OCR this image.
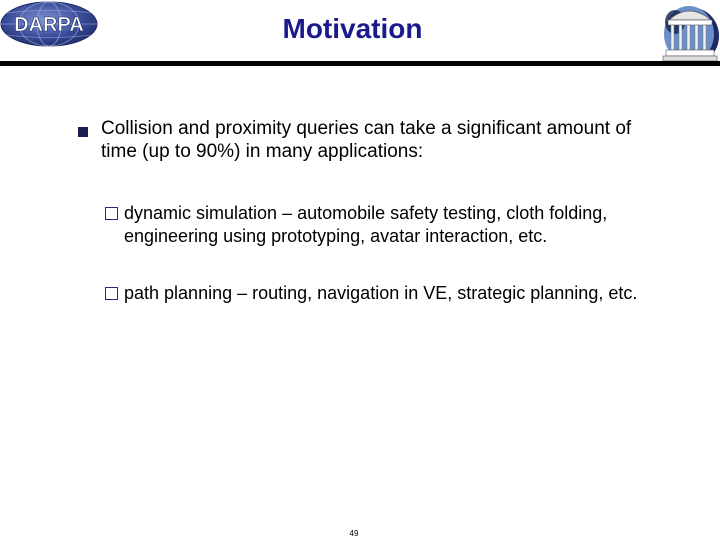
DARPA	Motivation
Collision and proximity queries can take a significant amount of time (up to 90%) in many applications:
dynamic simulation – automobile safety testing, cloth folding, engineering using prototyping, avatar interaction, etc.
path planning – routing, navigation in VE, strategic planning, etc.
49
